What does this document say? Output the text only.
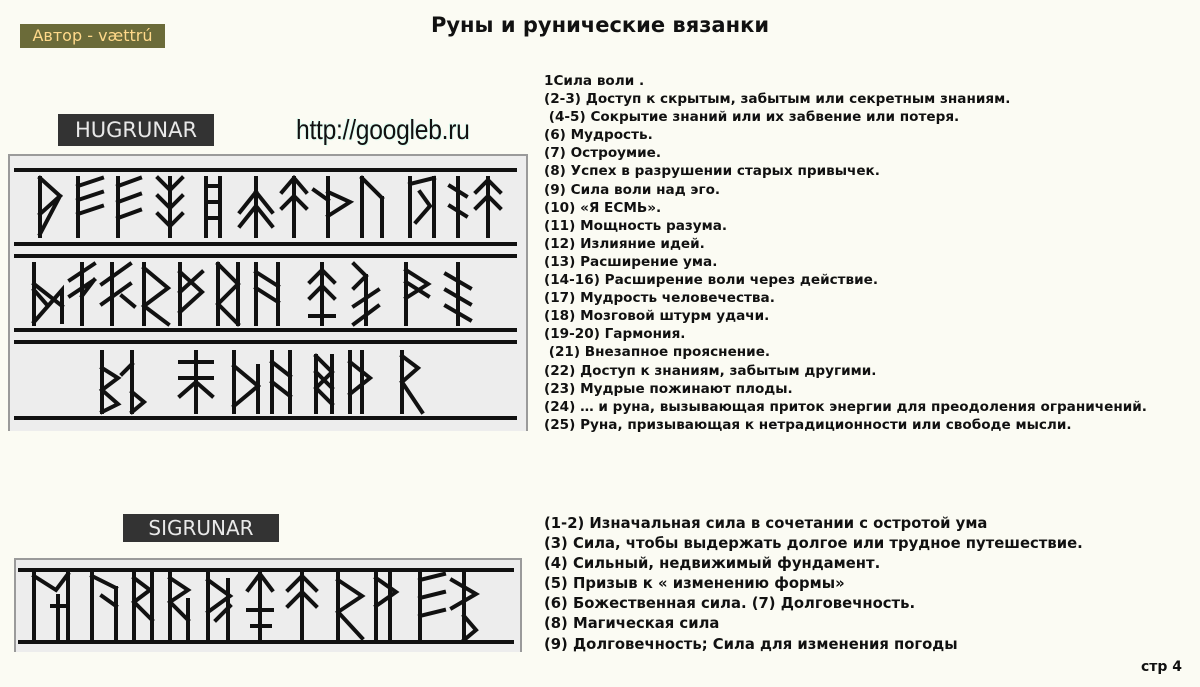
Автор - vættrú	Руны и рунические вязанки
HUGRUNAR	http://googleb.ru
1Сила воли .
(2-3) Доступ к скрытым, забытым или секретным знаниям.
(4-5) Сокрытие знаний или их забвение или потеря.
(6) Мудрость.
(7) Остроумие.
(8) Успех в разрушении старых привычек.
(9) Сила воли над эго.
(10) «Я ЕСМЬ».
(11) Мощность разума.
(12) Излияние идей.
(13) Расширение ума.
(14-16) Расширение воли через действие.
(17) Мудрость человечества.
(18) Мозговой штурм удачи.
(19-20) Гармония.
(21) Внезапное прояснение.
(22) Доступ к знаниям, забытым другими.
(23) Мудрые пожинают плоды.
(24) … и руна, вызывающая приток энергии для преодоления ограничений.
(25) Руна, призывающая к нетрадиционности или свободе мысли.
SIGRUNAR	(1-2) Изначальная сила в сочетании с остротой ума
(3) Сила, чтобы выдержать долгое или трудное путешествие.
(4) Сильный, недвижимый фундамент.
(5) Призыв к « изменению формы»
(6) Божественная сила. (7) Долговечность.
(8) Магическая сила
(9) Долговечность; Сила для изменения погоды
стр 4
